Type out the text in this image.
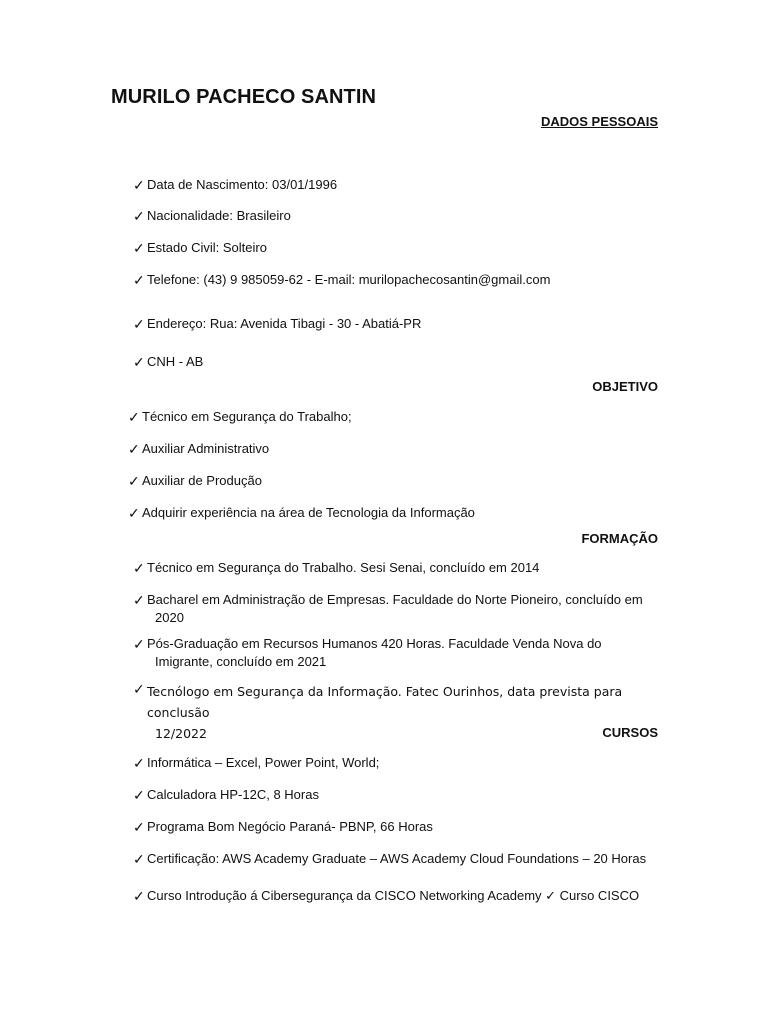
MURILO PACHECO SANTIN
DADOS PESSOAIS
✓ Data de Nascimento: 03/01/1996
✓ Nacionalidade: Brasileiro
✓ Estado Civil: Solteiro
✓ Telefone: (43) 9 985059-62 - E-mail: murilopachecosantin@gmail.com
✓ Endereço: Rua: Avenida Tibagi - 30 - Abatiá-PR
✓ CNH - AB
OBJETIVO
✓ Técnico em Segurança do Trabalho;
✓ Auxiliar Administrativo
✓ Auxiliar de Produção
✓ Adquirir experiência na área de Tecnologia da Informação
FORMAÇÃO
✓ Técnico em Segurança do Trabalho. Sesi Senai, concluído em 2014
✓ Bacharel em Administração de Empresas. Faculdade do Norte Pioneiro, concluído em
2020
✓ Pós-Graduação em Recursos Humanos 420 Horas. Faculdade Venda Nova do
Imigrante, concluído em 2021
✓ Tecnólogo em Segurança da Informação. Fatec Ourinhos, data prevista para conclusão
12/2022	CURSOS
✓ Informática – Excel, Power Point, World;
✓ Calculadora HP-12C, 8 Horas
✓ Programa Bom Negócio Paraná- PBNP, 66 Horas
✓ Certificação: AWS Academy Graduate – AWS Academy Cloud Foundations – 20 Horas
✓ Curso Introdução á Cibersegurança da CISCO Networking Academy ✓ Curso CISCO
